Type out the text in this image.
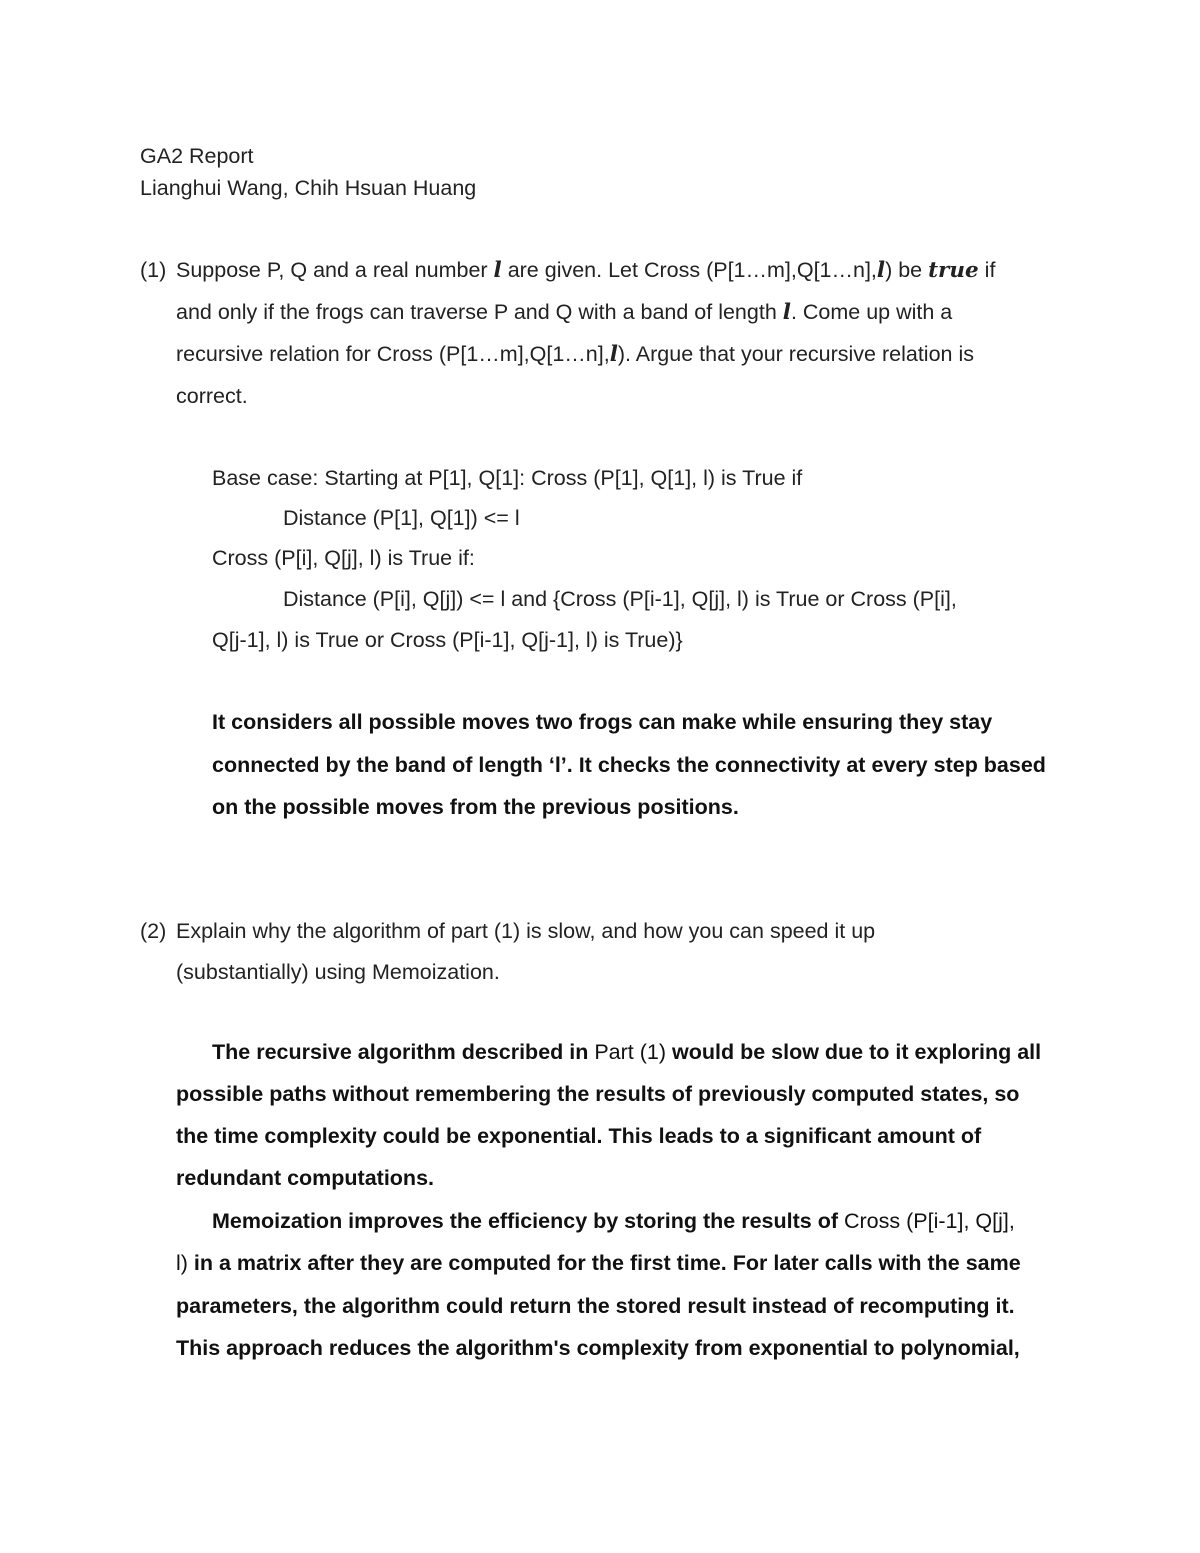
GA2 Report
Lianghui Wang, Chih Hsuan Huang
(1) Suppose P, Q and a real number l are given. Let Cross (P[1…m],Q[1…n],l) be true if
and only if the frogs can traverse P and Q with a band of length l. Come up with a
recursive relation for Cross (P[1…m],Q[1…n],l). Argue that your recursive relation is
correct.
Base case: Starting at P[1], Q[1]: Cross (P[1], Q[1], l) is True if
Distance (P[1], Q[1]) <= l
Cross (P[i], Q[j], l) is True if:
Distance (P[i], Q[j]) <= l and {Cross (P[i-1], Q[j], l) is True or Cross (P[i],
Q[j-1], l) is True or Cross (P[i-1], Q[j-1], l) is True)}
It considers all possible moves two frogs can make while ensuring they stay
connected by the band of length ‘l’. It checks the connectivity at every step based
on the possible moves from the previous positions.
(2) Explain why the algorithm of part (1) is slow, and how you can speed it up
(substantially) using Memoization.
The recursive algorithm described in Part (1) would be slow due to it exploring all
possible paths without remembering the results of previously computed states, so
the time complexity could be exponential. This leads to a significant amount of
redundant computations.
Memoization improves the efficiency by storing the results of Cross (P[i-1], Q[j],
l) in a matrix after they are computed for the first time. For later calls with the same
parameters, the algorithm could return the stored result instead of recomputing it.
This approach reduces the algorithm's complexity from exponential to polynomial,
